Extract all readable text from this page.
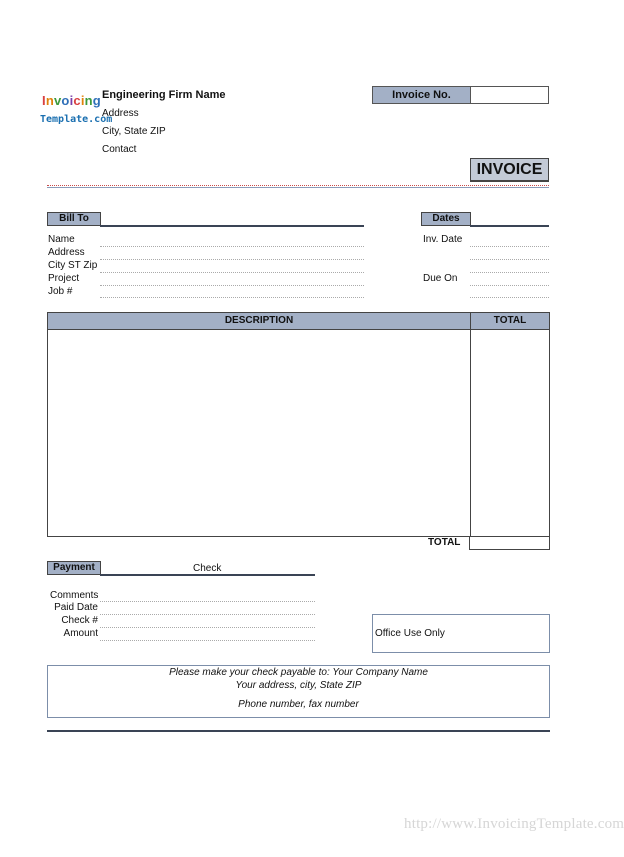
Invoicing
Template.com
Engineering Firm Name
Address
City, State ZIP
Contact
Invoice No.
INVOICE
Bill To
Name
Address
City ST Zip
Project
Job #
Dates
Inv. Date
Due On
DESCRIPTION	TOTAL
TOTAL
Payment	Check
Comments
Paid Date
Check #
Amount	Office Use Only
Please make your check payable to: Your Company Name
Your address, city, State ZIP
Phone number, fax number
http://www.InvoicingTemplate.com
